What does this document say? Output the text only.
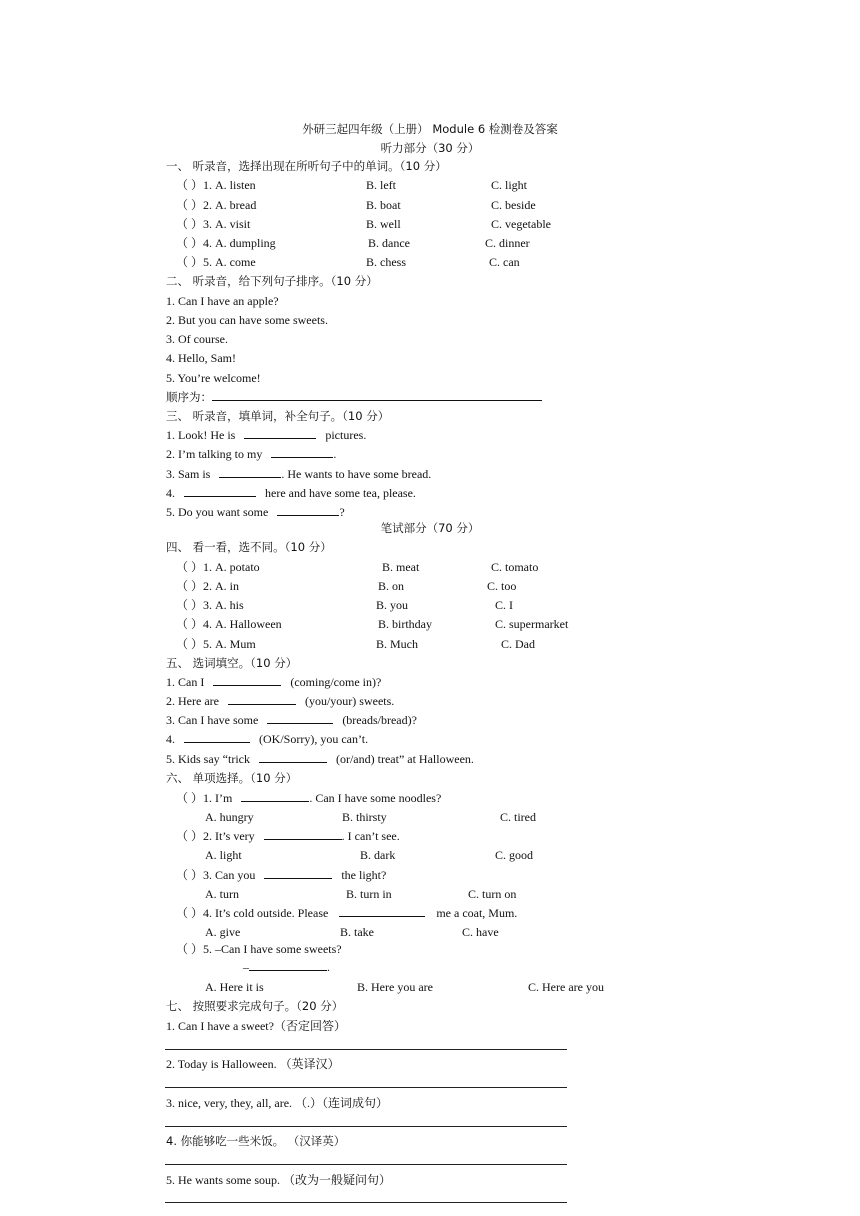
外研三起四年级（上册） Module 6 检测卷及答案
听力部分（30 分）
一、 听录音，选择出现在所听句子中的单词。（10 分）
（ ）1. A. listen	B. left	C. light
（ ）2. A. bread	B. boat	C. beside
（ ）3. A. visit	B. well	C. vegetable
（ ）4. A. dumpling	B. dance	C. dinner
（ ）5. A. come	B. chess	C. can
二、 听录音，给下列句子排序。（10 分）
1. Can I have an apple?
2. But you can have some sweets.
3. Of course.
4. Hello, Sam!
5. You’re welcome!
顺序为：
三、 听录音，填单词，补全句子。（10 分）
1. Look! He is	pictures.
2. I’m talking to my	.
3. Sam is	. He wants to have some bread.
4.	here and have some tea, please.
5. Do you want some	?
笔试部分（70 分）
四、 看一看，选不同。（10 分）
（ ）1. A. potato	B. meat	C. tomato
（ ）2. A. in	B. on	C. too
（ ）3. A. his	B. you	C. I
（ ）4. A. Halloween	B. birthday	C. supermarket
（ ）5. A. Mum	B. Much	C. Dad
五、 选词填空。（10 分）
1. Can I	(coming/come in)?
2. Here are	(you/your) sweets.
3. Can I have some	(breads/bread)?
4.	(OK/Sorry), you can’t.
5. Kids say “trick	(or/and) treat” at Halloween.
六、 单项选择。（10 分）
（ ）1. I’m	. Can I have some noodles?
A. hungry	B. thirsty	C. tired
（ ）2. It’s very	. I can’t see.
A. light	B. dark	C. good
（ ）3. Can you	the light?
A. turn	B. turn in	C. turn on
（ ）4. It’s cold outside. Please	me a coat, Mum.
A. give	B. take	C. have
（ ）5. –Can I have some sweets?
–	.
A. Here it is	B. Here you are	C. Here are you
七、 按照要求完成句子。（20 分）
1. Can I have a sweet?（否定回答）
2. Today is Halloween. （英译汉）
3. nice, very, they, all, are. （.）（连词成句）
4. 你能够吃一些米饭。 （汉译英）
5. He wants some soup. （改为一般疑问句）
